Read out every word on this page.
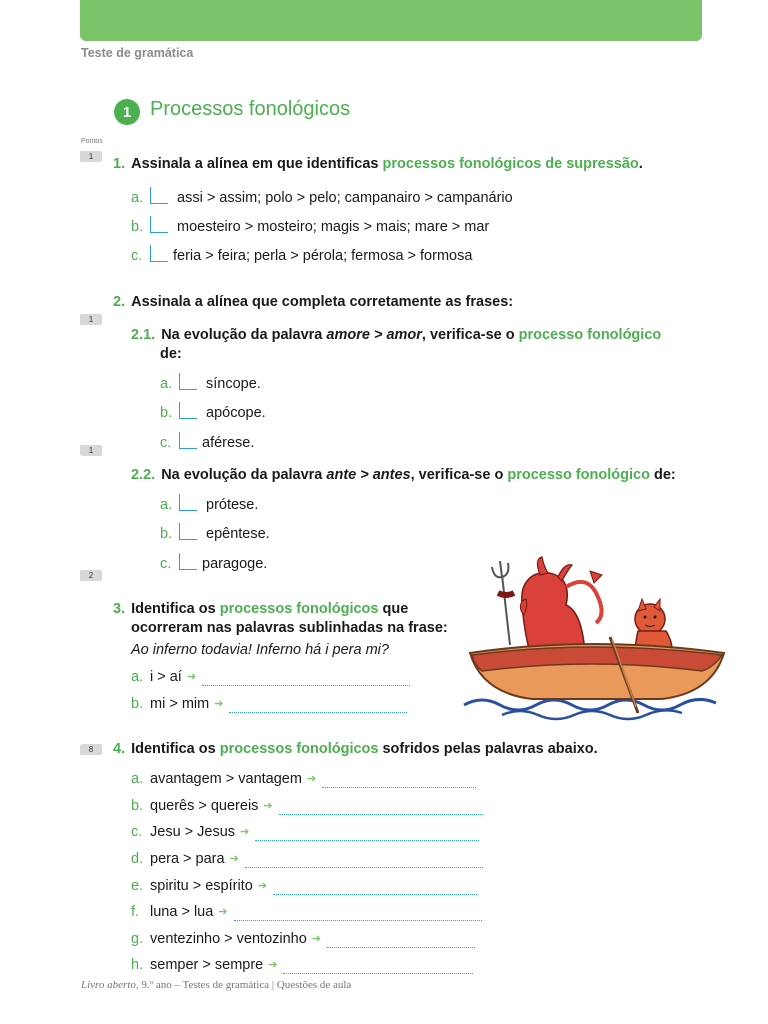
Teste de gramática
1 Processos fonológicos
Pontos
1	1. Assinala a alínea em que identificas processos fonológicos de supressão.
a.	assi > assim; polo > pelo; campanairo > campanário
b.	moesteiro > mosteiro; magis > mais; mare > mar
c.	feria > feira; perla > pérola; fermosa > formosa
2. Assinala a alínea que completa corretamente as frases:
1
2.1. Na evolução da palavra amore > amor, verifica-se o processo fonológico
de:
a.	síncope.
b.	apócope.
c.	aférese.
1
2.2. Na evolução da palavra ante > antes, verifica-se o processo fonológico de:
a.	prótese.
b.	epêntese.
c.	paragoge.
2
3. Identifica os processos fonológicos que
ocorreram nas palavras sublinhadas na frase:
Ao inferno todavia! Inferno há i pera mi?
a. i > aí ➔
b. mi > mim ➔
8	4. Identifica os processos fonológicos sofridos pelas palavras abaixo.
a. avantagem > vantagem ➔
b. querês > quereis ➔
c. Jesu > Jesus ➔
d. pera > para ➔
e. spiritu > espírito ➔
f. luna > lua ➔
g. ventezinho > ventozinho ➔
h. semper > sempre ➔
Livro aberto, 9.º ano – Testes de gramática | Questões de aula
